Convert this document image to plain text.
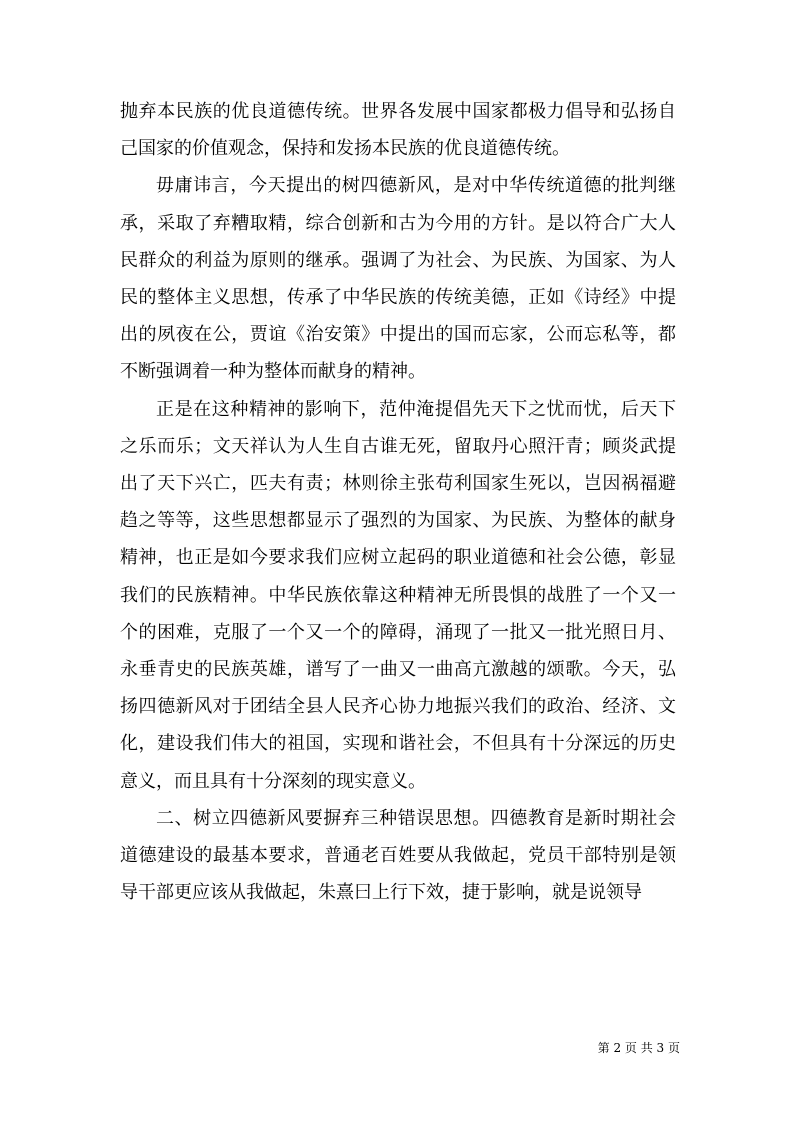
抛弃本民族的优良道德传统。世界各发展中国家都极力倡导和弘扬自己国家的价值观念，保持和发扬本民族的优良道德传统。

毋庸讳言，今天提出的树四德新风，是对中华传统道德的批判继承，采取了弃糟取精，综合创新和古为今用的方针。是以符合广大人民群众的利益为原则的继承。强调了为社会、为民族、为国家、为人民的整体主义思想，传承了中华民族的传统美德，正如《诗经》中提出的夙夜在公，贾谊《治安策》中提出的国而忘家，公而忘私等，都不断强调着一种为整体而献身的精神。

正是在这种精神的影响下，范仲淹提倡先天下之忧而忧，后天下之乐而乐；文天祥认为人生自古谁无死，留取丹心照汗青；顾炎武提出了天下兴亡，匹夫有责；林则徐主张苟利国家生死以，岂因祸福避趋之等等，这些思想都显示了强烈的为国家、为民族、为整体的献身精神，也正是如今要求我们应树立起码的职业道德和社会公德，彰显我们的民族精神。中华民族依靠这种精神无所畏惧的战胜了一个又一个的困难，克服了一个又一个的障碍，涌现了一批又一批光照日月、永垂青史的民族英雄，谱写了一曲又一曲高亢激越的颂歌。今天，弘扬四德新风对于团结全县人民齐心协力地振兴我们的政治、经济、文化，建设我们伟大的祖国，实现和谐社会，不但具有十分深远的历史意义，而且具有十分深刻的现实意义。

二、树立四德新风要摒弃三种错误思想。四德教育是新时期社会道德建设的最基本要求，普通老百姓要从我做起，党员干部特别是领导干部更应该从我做起，朱熹曰上行下效，捷于影响，就是说领导

第 2 页 共 3 页
